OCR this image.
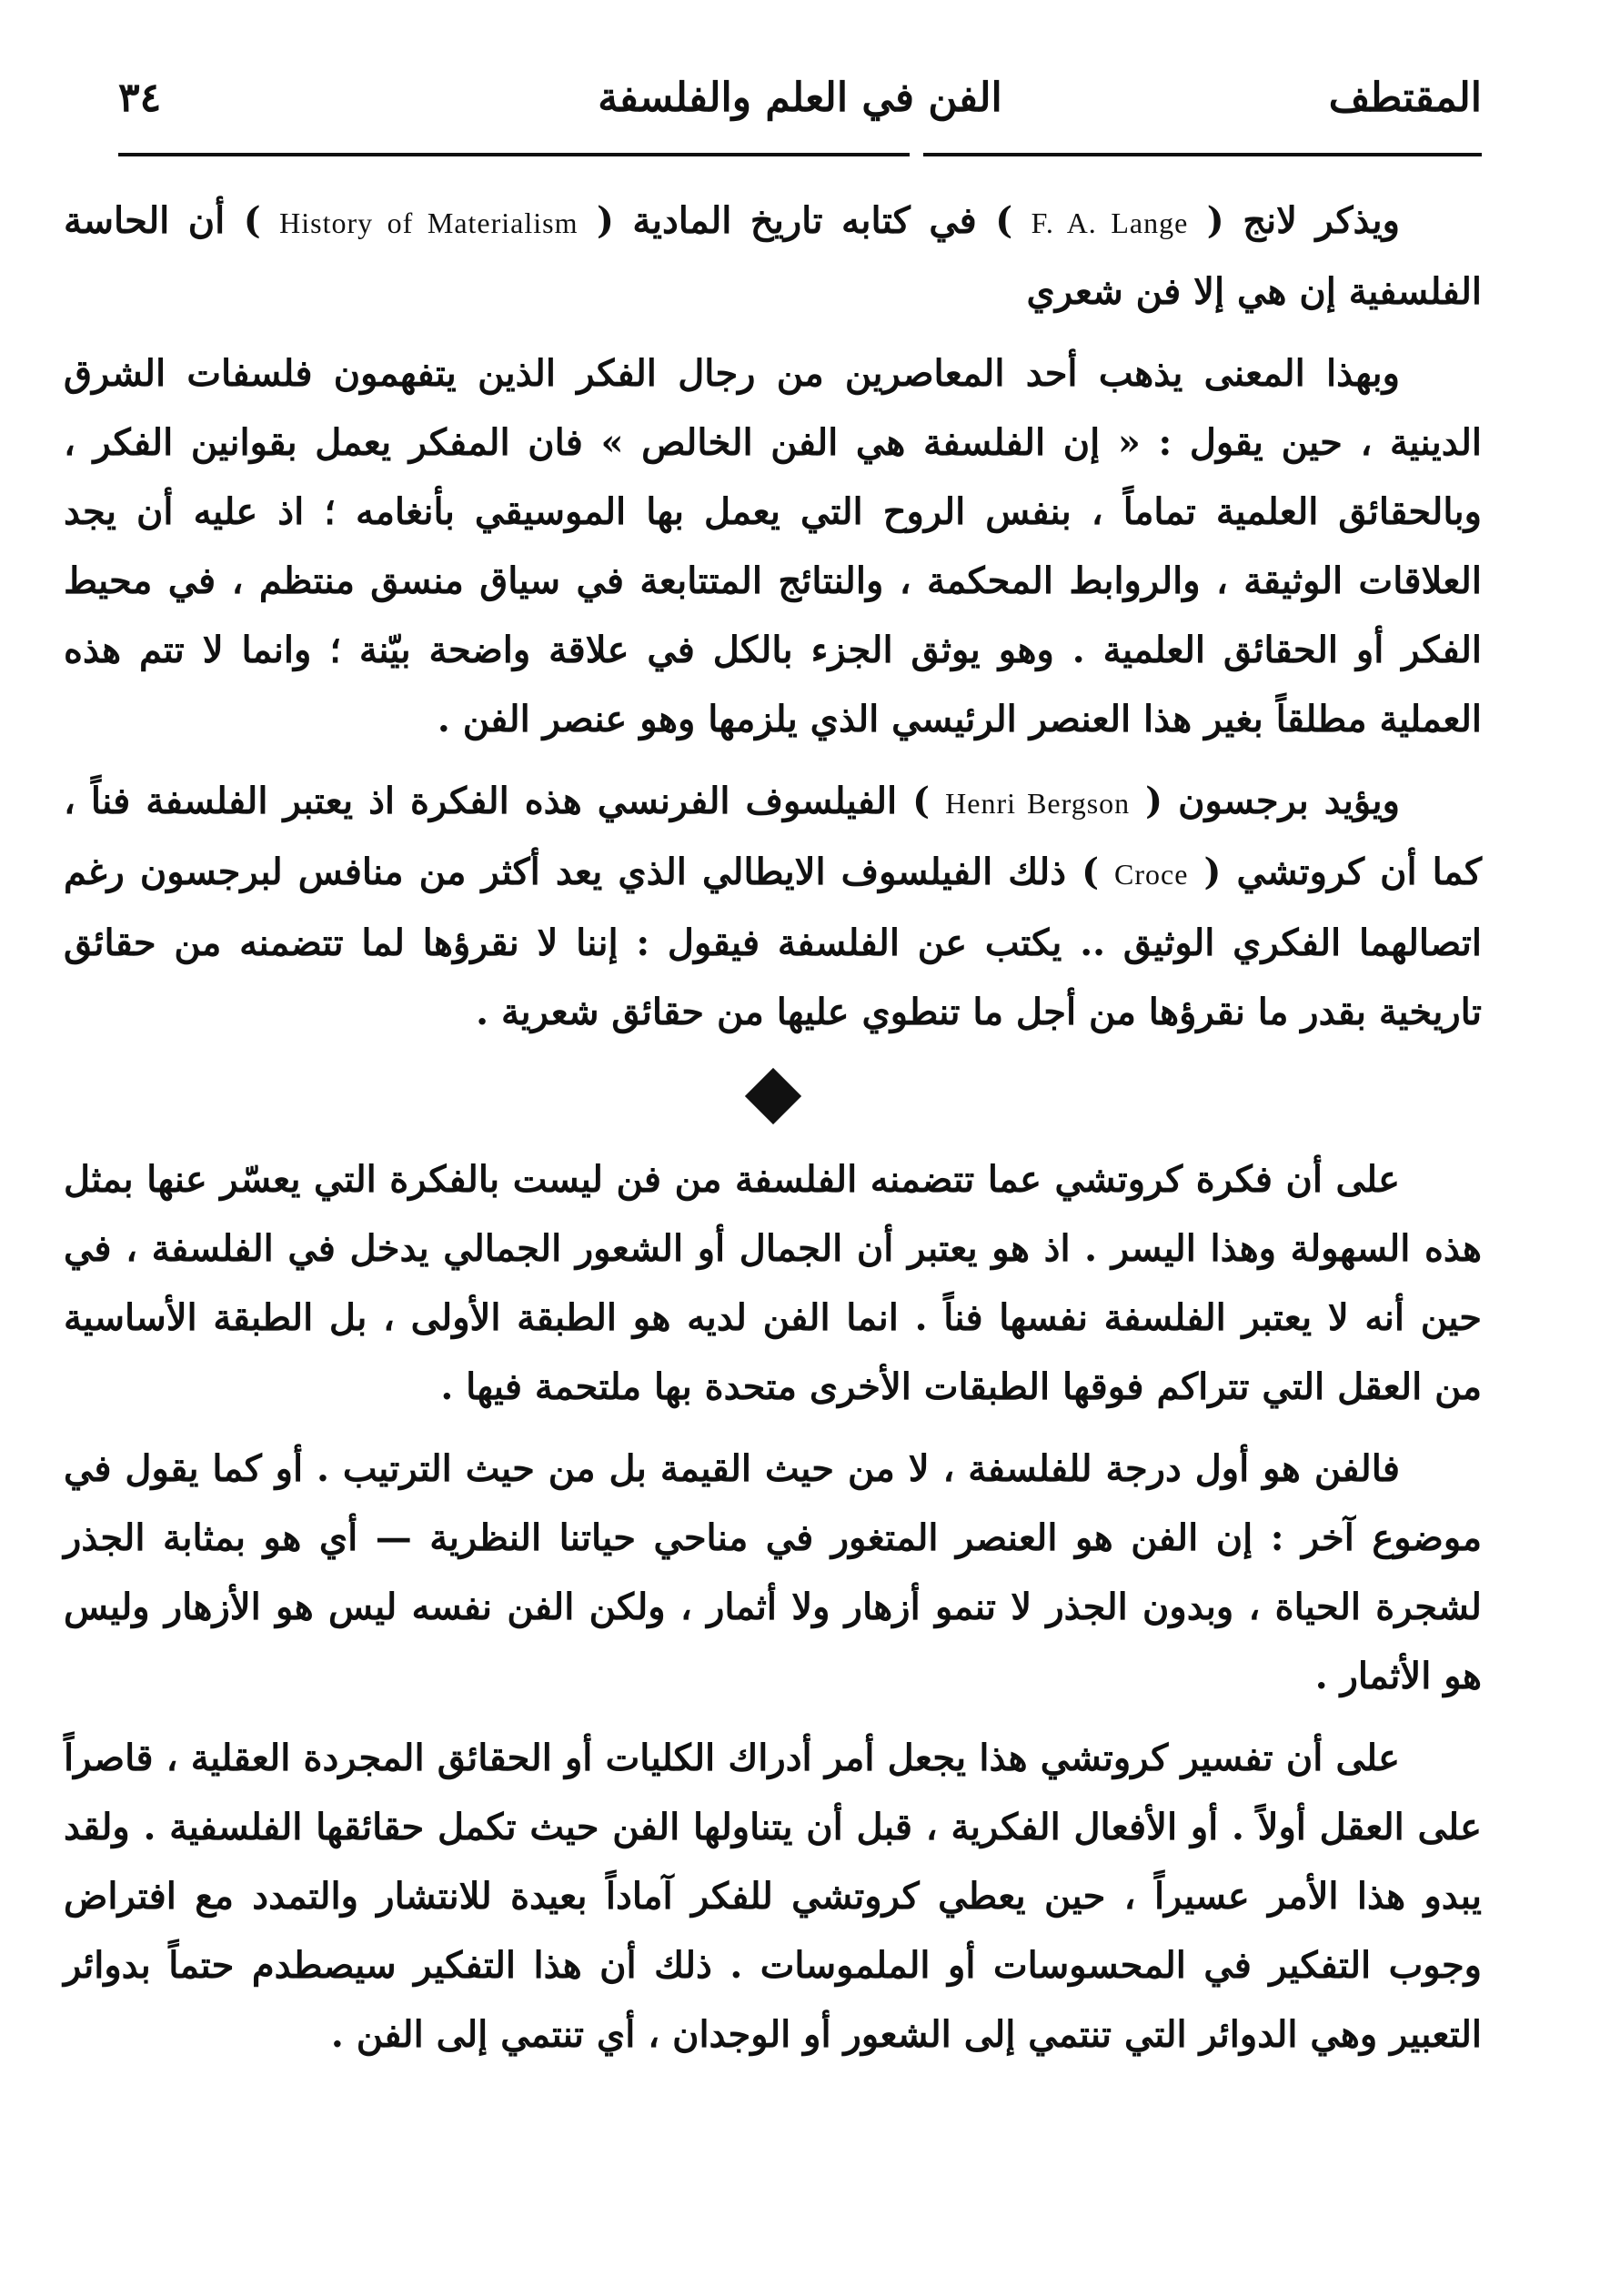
٣٤	الفن في العلم والفلسفة	المقتطف

ويذكر لانج ( F. A. Lange ) في كتابه تاريخ المادية ( History of Materialism ) أن الحاسة الفلسفية إن هي إلا فن شعري

وبهذا المعنى يذهب أحد المعاصرين من رجال الفكر الذين يتفهمون فلسفات الشرق الدينية ، حين يقول : « إن الفلسفة هي الفن الخالص » فان المفكر يعمل بقوانين الفكر ، وبالحقائق العلمية تماماً ، بنفس الروح التي يعمل بها الموسيقي بأنغامه ؛ اذ عليه أن يجد العلاقات الوثيقة ، والروابط المحكمة ، والنتائج المتتابعة في سياق منسق منتظم ، في محيط الفكر أو الحقائق العلمية . وهو يوثق الجزء بالكل في علاقة واضحة بيّنة ؛ وانما لا تتم هذه العملية مطلقاً بغير هذا العنصر الرئيسي الذي يلزمها وهو عنصر الفن .

ويؤيد برجسون ( Henri Bergson ) الفيلسوف الفرنسي هذه الفكرة اذ يعتبر الفلسفة فناً ، كما أن كروتشي ( Croce ) ذلك الفيلسوف الايطالي الذي يعد أكثر من منافس لبرجسون رغم اتصالهما الفكري الوثيق .. يكتب عن الفلسفة فيقول : إننا لا نقرؤها لما تتضمنه من حقائق تاريخية بقدر ما نقرؤها من أجل ما تنطوي عليها من حقائق شعرية .

على أن فكرة كروتشي عما تتضمنه الفلسفة من فن ليست بالفكرة التي يعسّر عنها بمثل هذه السهولة وهذا اليسر . اذ هو يعتبر أن الجمال أو الشعور الجمالي يدخل في الفلسفة ، في حين أنه لا يعتبر الفلسفة نفسها فناً . انما الفن لديه هو الطبقة الأولى ، بل الطبقة الأساسية من العقل التي تتراكم فوقها الطبقات الأخرى متحدة بها ملتحمة فيها .

فالفن هو أول درجة للفلسفة ، لا من حيث القيمة بل من حيث الترتيب . أو كما يقول في موضوع آخر : إن الفن هو العنصر المتغور في مناحي حياتنا النظرية — أي هو بمثابة الجذر لشجرة الحياة ، وبدون الجذر لا تنمو أزهار ولا أثمار ، ولكن الفن نفسه ليس هو الأزهار وليس هو الأثمار .

على أن تفسير كروتشي هذا يجعل أمر أدراك الكليات أو الحقائق المجردة العقلية ، قاصراً على العقل أولاً . أو الأفعال الفكرية ، قبل أن يتناولها الفن حيث تكمل حقائقها الفلسفية . ولقد يبدو هذا الأمر عسيراً ، حين يعطي كروتشي للفكر آماداً بعيدة للانتشار والتمدد مع افتراض وجوب التفكير في المحسوسات أو الملموسات . ذلك أن هذا التفكير سيصطدم حتماً بدوائر التعبير وهي الدوائر التي تنتمي إلى الشعور أو الوجدان ، أي تنتمي إلى الفن .
